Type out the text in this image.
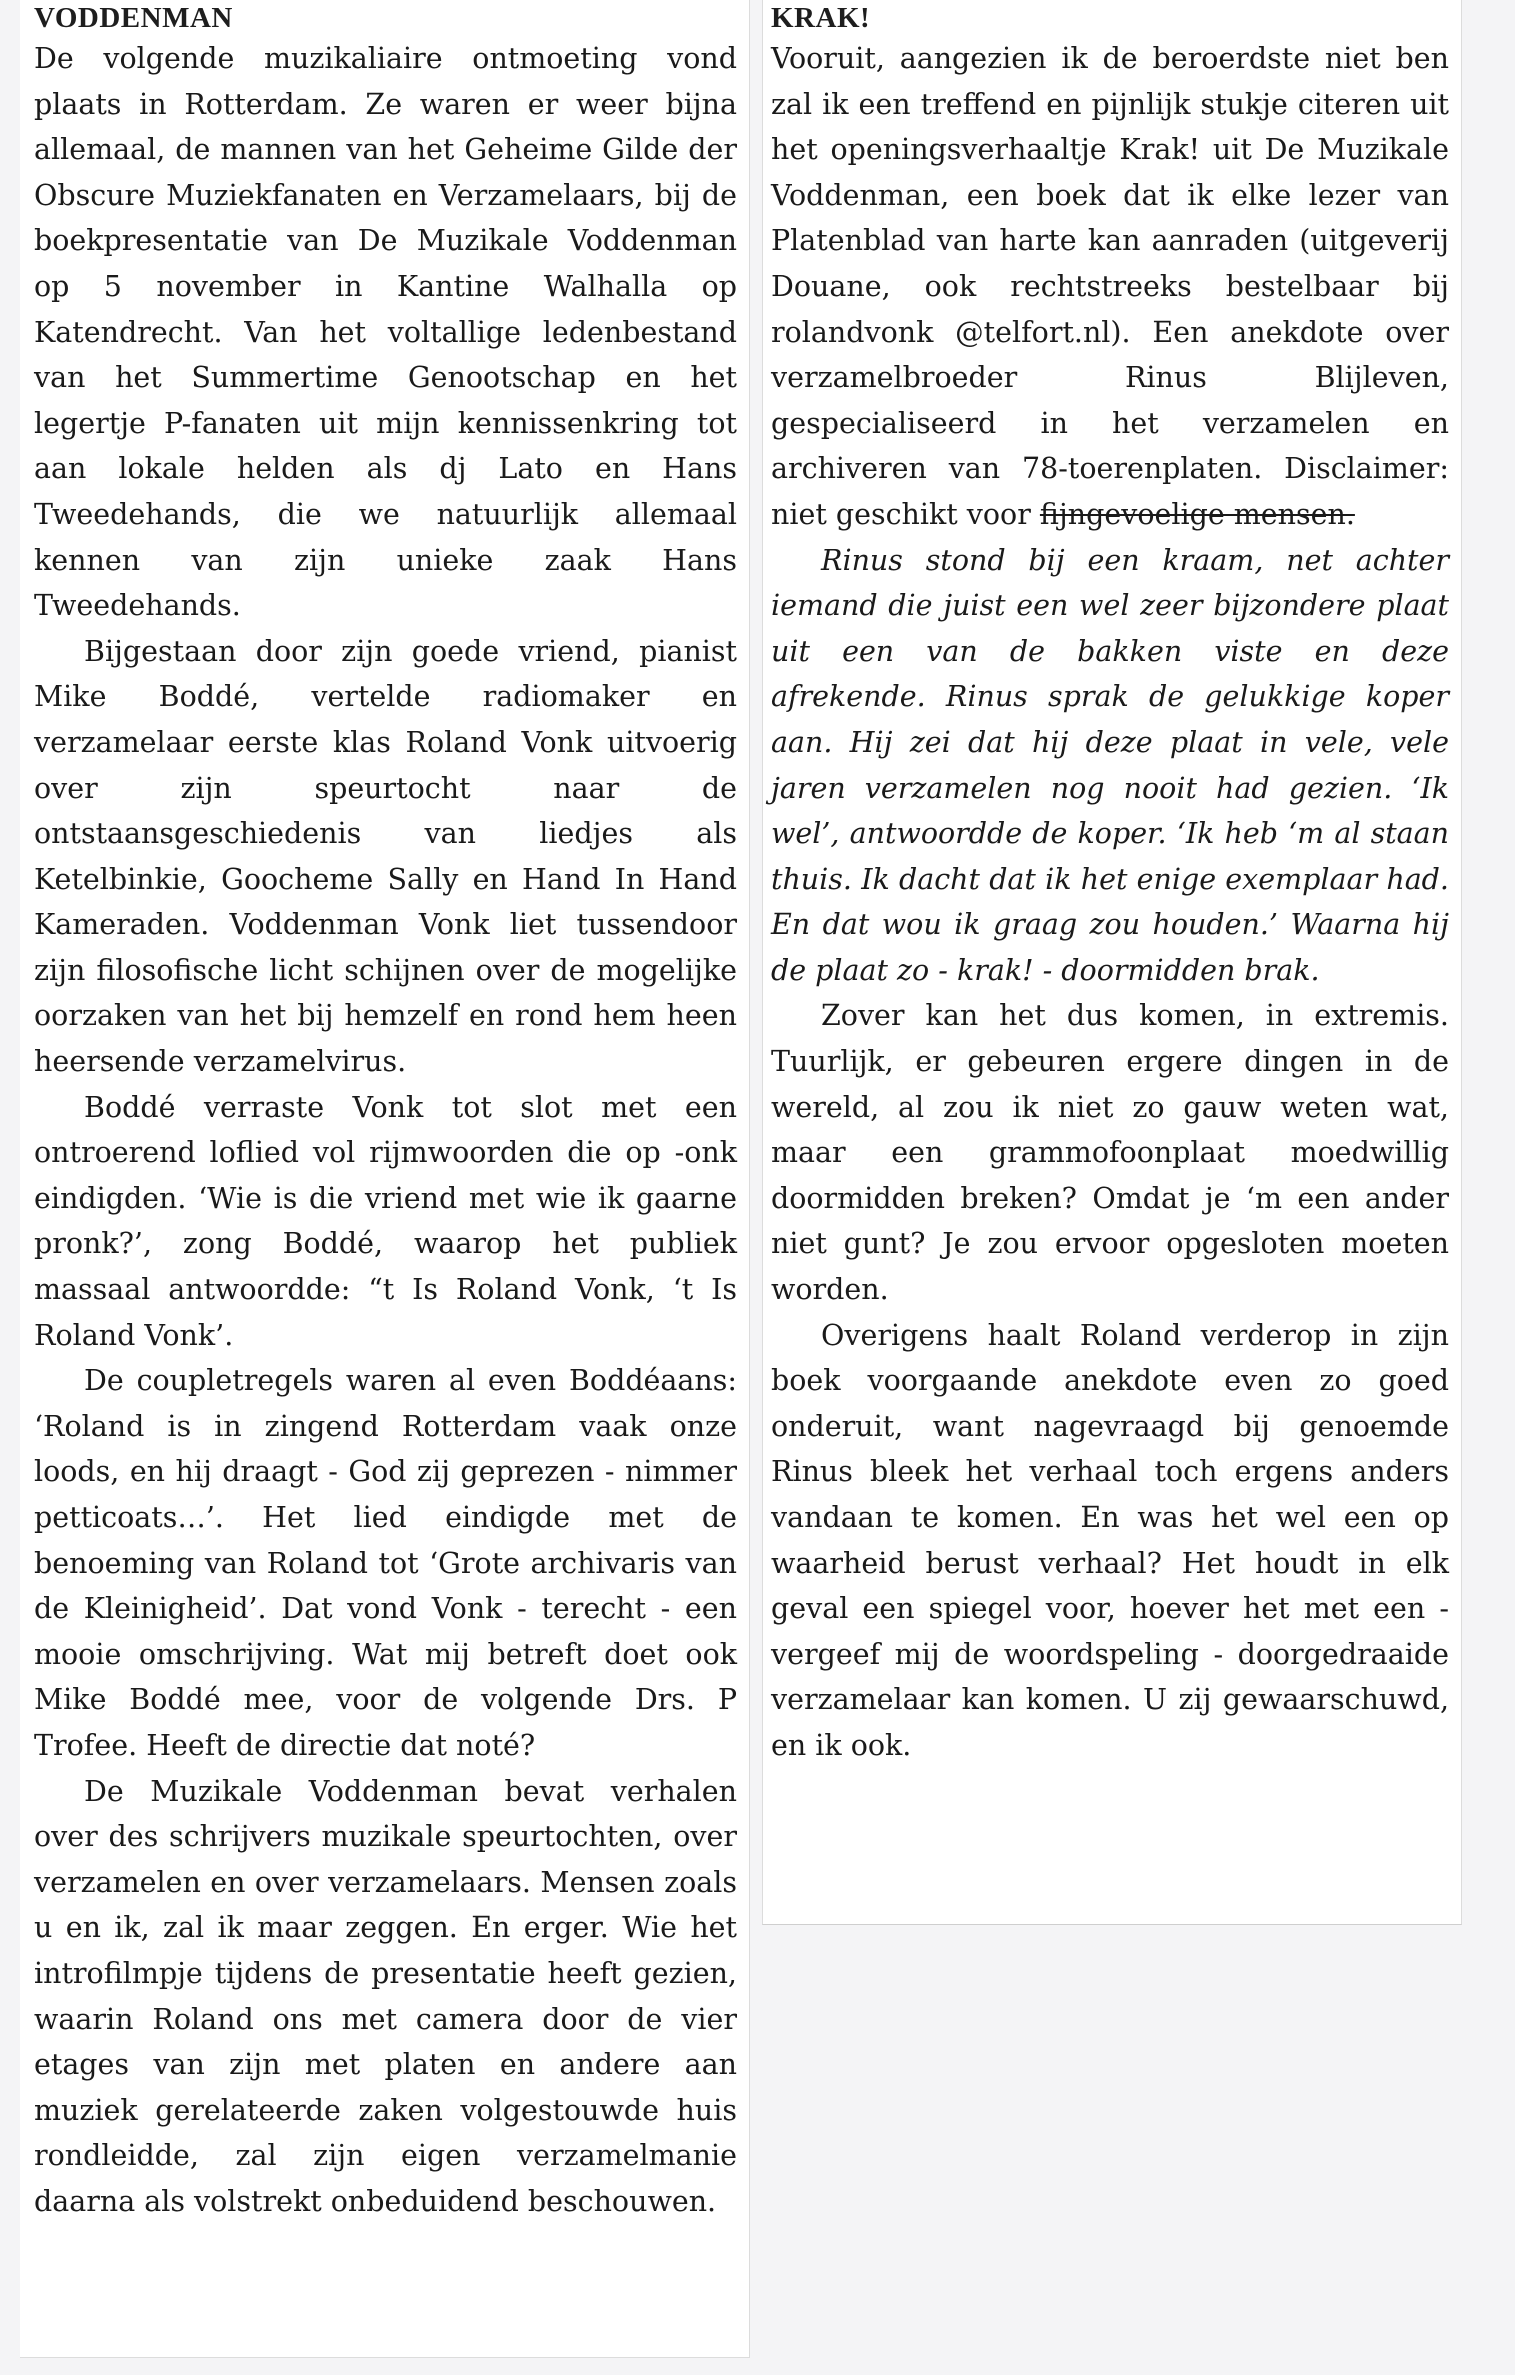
VODDENMAN

De volgende muzikaliaire ontmoeting vond plaats in Rotterdam. Ze waren er weer bijna allemaal, de mannen van het Geheime Gilde der Obscure Muziekfanaten en Verzamelaars, bij de boekpresentatie van De Muzikale Voddenman op 5 november in Kantine Walhalla op Katendrecht. Van het voltallige ledenbestand van het Summertime Genootschap en het legertje P-fanaten uit mijn kennissenkring tot aan lokale helden als dj Lato en Hans Tweedehands, die we natuurlijk allemaal kennen van zijn unieke zaak Hans Tweedehands.

Bijgestaan door zijn goede vriend, pianist Mike Boddé, vertelde radiomaker en verzamelaar eerste klas Roland Vonk uitvoerig over zijn speurtocht naar de ontstaansgeschiedenis van liedjes als Ketelbinkie, Goocheme Sally en Hand In Hand Kameraden. Voddenman Vonk liet tussendoor zijn filosofische licht schijnen over de mogelijke oorzaken van het bij hemzelf en rond hem heen heersende verzamelvirus.

Boddé verraste Vonk tot slot met een ontroerend loflied vol rijmwoorden die op -onk eindigden. ‘Wie is die vriend met wie ik gaarne pronk?’, zong Boddé, waarop het publiek massaal antwoordde: “t Is Roland Vonk, ‘t Is Roland Vonk’.

De coupletregels waren al even Boddéaans: ‘Roland is in zingend Rotterdam vaak onze loods, en hij draagt - God zij geprezen - nimmer petticoats…’. Het lied eindigde met de benoeming van Roland tot ‘Grote archivaris van de Kleinigheid’. Dat vond Vonk - terecht - een mooie omschrijving. Wat mij betreft doet ook Mike Boddé mee, voor de volgende Drs. P Trofee. Heeft de directie dat noté?

De Muzikale Voddenman bevat verhalen over des schrijvers muzikale speurtochten, over verzamelen en over verzamelaars. Mensen zoals u en ik, zal ik maar zeggen. En erger. Wie het introfilmpje tijdens de presentatie heeft gezien, waarin Roland ons met camera door de vier etages van zijn met platen en andere aan muziek gerelateerde zaken volgestouwde huis rondleidde, zal zijn eigen verzamelmanie daarna als volstrekt onbeduidend beschouwen.

KRAK!

Vooruit, aangezien ik de beroerdste niet ben zal ik een treffend en pijnlijk stukje citeren uit het openingsverhaaltje Krak! uit De Muzikale Voddenman, een boek dat ik elke lezer van Platenblad van harte kan aanraden (uitgeverij Douane, ook rechtstreeks bestelbaar bij rolandvonk @telfort.nl). Een anekdote over verzamelbroeder Rinus Blijleven, gespecialiseerd in het verzamelen en archiveren van 78-toerenplaten. Disclaimer: niet geschikt voor fijngevoelige mensen.

Rinus stond bij een kraam, net achter iemand die juist een wel zeer bijzondere plaat uit een van de bakken viste en deze afrekende. Rinus sprak de gelukkige koper aan. Hij zei dat hij deze plaat in vele, vele jaren verzamelen nog nooit had gezien. ‘Ik wel’, antwoordde de koper. ‘Ik heb ‘m al staan thuis. Ik dacht dat ik het enige exemplaar had. En dat wou ik graag zou houden.’ Waarna hij de plaat zo - krak! - doormidden brak.

Zover kan het dus komen, in extremis. Tuurlijk, er gebeuren ergere dingen in de wereld, al zou ik niet zo gauw weten wat, maar een grammofoonplaat moedwillig doormidden breken? Omdat je ‘m een ander niet gunt? Je zou ervoor opgesloten moeten worden.

Overigens haalt Roland verderop in zijn boek voorgaande anekdote even zo goed onderuit, want nagevraagd bij genoemde Rinus bleek het verhaal toch ergens anders vandaan te komen. En was het wel een op waarheid berust verhaal? Het houdt in elk geval een spiegel voor, hoever het met een - vergeef mij de woordspeling - doorgedraaide verzamelaar kan komen. U zij gewaarschuwd, en ik ook.
